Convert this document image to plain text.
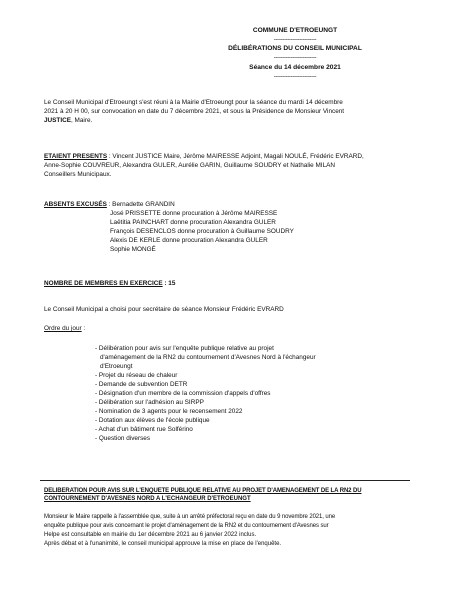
COMMUNE D'ETROEUNGT
-------------------------
DÉLIBÉRATIONS DU CONSEIL MUNICIPAL
-------------------------
Séance du 14 décembre 2021
-------------------------
Le Conseil Municipal d'Etroeungt s'est réuni à la Mairie d'Etroeungt pour la séance du mardi 14 décembre
2021 à 20 H 00, sur convocation en date du 7 décembre 2021, et sous la Présidence de Monsieur Vincent
JUSTICE, Maire.
ETAIENT PRESENTS : Vincent JUSTICE Maire, Jérôme MAIRESSE Adjoint, Magali NOULÉ, Frédéric EVRARD,
Anne-Sophie COUVREUR, Alexandra GULER, Aurélie GARIN, Guillaume SOUDRY et Nathalie MILAN
Conseillers Municipaux.
ABSENTS EXCUSÉS : Bernadette GRANDIN
José PRISSETTE donne procuration à Jérôme MAIRESSE
Laëtitia PAINCHART donne procuration Alexandra GULER
François DESENCLOS donne procuration à Guillaume SOUDRY
Alexis DE KERLE donne procuration Alexandra GULER
Sophie MONGÉ
NOMBRE DE MEMBRES EN EXERCICE : 15
Le Conseil Municipal a choisi pour secrétaire de séance Monsieur Frédéric EVRARD
Ordre du jour :
- Délibération pour avis sur l'enquête publique relative au projet
d'aménagement de la RN2 du contournement d'Avesnes Nord à l'échangeur
d'Etroeungt
- Projet du réseau de chaleur
- Demande de subvention DETR
- Désignation d'un membre de la commission d'appels d'offres
- Délibération sur l'adhésion au SIRPP
- Nomination de 3 agents pour le recensement 2022
- Dotation aux élèves de l'école publique
- Achat d'un bâtiment rue Solférino
- Question diverses
DELIBERATION POUR AVIS SUR L'ENQUETE PUBLIQUE RELATIVE AU PROJET D'AMENAGEMENT DE LA RN2 DU
CONTOURNEMENT D'AVESNES NORD A L'ECHANGEUR D'ETROEUNGT
Monsieur le Maire rappelle à l'assemblée que, suite à un arrêté préfectoral reçu en date du 9 novembre 2021, une
enquête publique pour avis concernant le projet d'aménagement de la RN2 et du contournement d'Avesnes sur
Helpe est consultable en mairie du 1er décembre 2021 au 6 janvier 2022 inclus.
Après débat et à l'unanimité, le conseil municipal approuve la mise en place de l'enquête.
